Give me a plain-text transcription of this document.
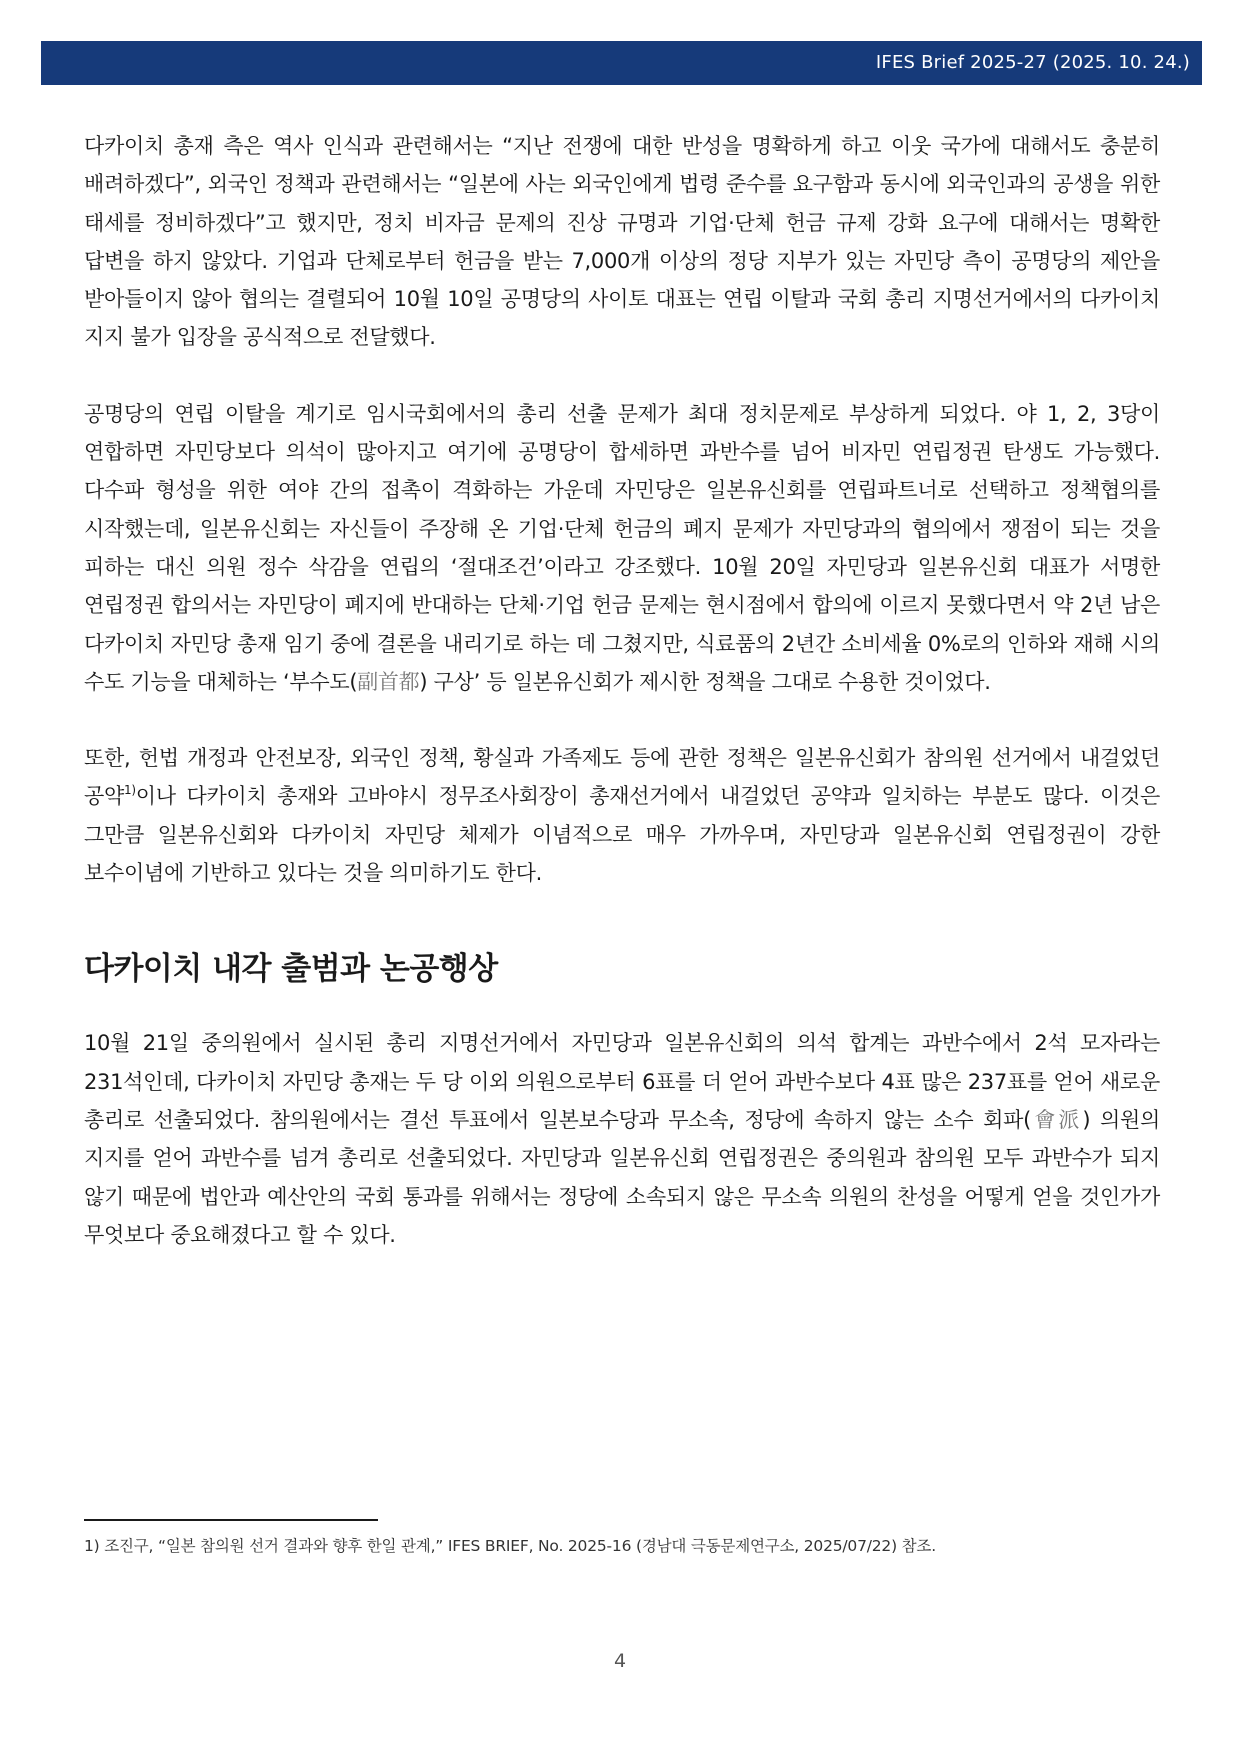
IFES Brief 2025-27 (2025. 10. 24.)

다카이치 총재 측은 역사 인식과 관련해서는 “지난 전쟁에 대한 반성을 명확하게 하고 이웃 국가에 대해서도 충분히 배려하겠다”, 외국인 정책과 관련해서는 “일본에 사는 외국인에게 법령 준수를 요구함과 동시에 외국인과의 공생을 위한 태세를 정비하겠다”고 했지만, 정치 비자금 문제의 진상 규명과 기업·단체 헌금 규제 강화 요구에 대해서는 명확한 답변을 하지 않았다. 기업과 단체로부터 헌금을 받는 7,000개 이상의 정당 지부가 있는 자민당 측이 공명당의 제안을 받아들이지 않아 협의는 결렬되어 10월 10일 공명당의 사이토 대표는 연립 이탈과 국회 총리 지명선거에서의 다카이치 지지 불가 입장을 공식적으로 전달했다.

공명당의 연립 이탈을 계기로 임시국회에서의 총리 선출 문제가 최대 정치문제로 부상하게 되었다. 야 1, 2, 3당이 연합하면 자민당보다 의석이 많아지고 여기에 공명당이 합세하면 과반수를 넘어 비자민 연립정권 탄생도 가능했다. 다수파 형성을 위한 여야 간의 접촉이 격화하는 가운데 자민당은 일본유신회를 연립파트너로 선택하고 정책협의를 시작했는데, 일본유신회는 자신들이 주장해 온 기업·단체 헌금의 폐지 문제가 자민당과의 협의에서 쟁점이 되는 것을 피하는 대신 의원 정수 삭감을 연립의 ‘절대조건’이라고 강조했다. 10월 20일 자민당과 일본유신회 대표가 서명한 연립정권 합의서는 자민당이 폐지에 반대하는 단체·기업 헌금 문제는 현시점에서 합의에 이르지 못했다면서 약 2년 남은 다카이치 자민당 총재 임기 중에 결론을 내리기로 하는 데 그쳤지만, 식료품의 2년간 소비세율 0%로의 인하와 재해 시의 수도 기능을 대체하는 ‘부수도(副首都) 구상’ 등 일본유신회가 제시한 정책을 그대로 수용한 것이었다.

또한, 헌법 개정과 안전보장, 외국인 정책, 황실과 가족제도 등에 관한 정책은 일본유신회가 참의원 선거에서 내걸었던 공약$^{1)}$이나 다카이치 총재와 고바야시 정무조사회장이 총재선거에서 내걸었던 공약과 일치하는 부분도 많다. 이것은 그만큼 일본유신회와 다카이치 자민당 체제가 이념적으로 매우 가까우며, 자민당과 일본유신회 연립정권이 강한 보수이념에 기반하고 있다는 것을 의미하기도 한다.

다카이치 내각 출범과 논공행상

10월 21일 중의원에서 실시된 총리 지명선거에서 자민당과 일본유신회의 의석 합계는 과반수에서 2석 모자라는 231석인데, 다카이치 자민당 총재는 두 당 이외 의원으로부터 6표를 더 얻어 과반수보다 4표 많은 237표를 얻어 새로운 총리로 선출되었다. 참의원에서는 결선 투표에서 일본보수당과 무소속, 정당에 속하지 않는 소수 회파(會派) 의원의 지지를 얻어 과반수를 넘겨 총리로 선출되었다. 자민당과 일본유신회 연립정권은 중의원과 참의원 모두 과반수가 되지 않기 때문에 법안과 예산안의 국회 통과를 위해서는 정당에 소속되지 않은 무소속 의원의 찬성을 어떻게 얻을 것인가가 무엇보다 중요해졌다고 할 수 있다.

1) 조진구, “일본 참의원 선거 결과와 향후 한일 관계,” IFES BRIEF, No. 2025-16 (경남대 극동문제연구소, 2025/07/22) 참조.
4
